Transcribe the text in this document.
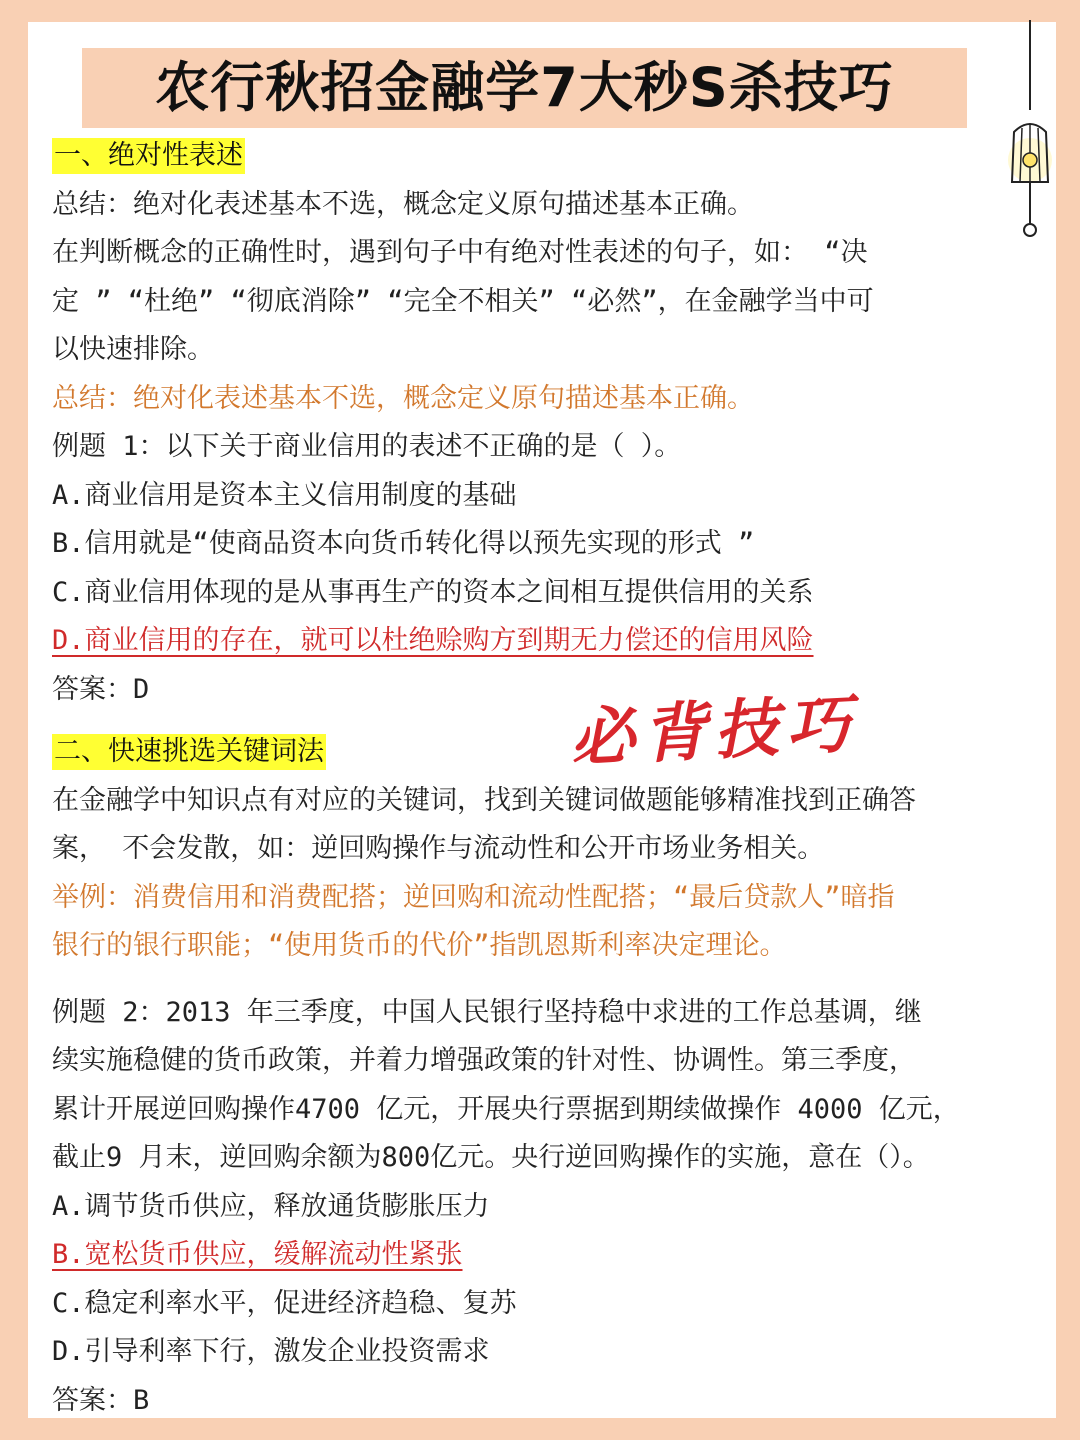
农行秋招金融学7大秒S杀技巧
一、绝对性表述
总结：绝对化表述基本不选，概念定义原句描述基本正确。
在判断概念的正确性时，遇到句子中有绝对性表述的句子，如： “决
定 ” “杜绝” “彻底消除” “完全不相关” “必然”，在金融学当中可
以快速排除。
总结：绝对化表述基本不选，概念定义原句描述基本正确。
例题 1：以下关于商业信用的表述不正确的是（ ）。
A.商业信用是资本主义信用制度的基础
B.信用就是“使商品资本向货币转化得以预先实现的形式 ”
C.商业信用体现的是从事再生产的资本之间相互提供信用的关系
D.商业信用的存在，就可以杜绝赊购方到期无力偿还的信用风险
答案：D
二、快速挑选关键词法
在金融学中知识点有对应的关键词，找到关键词做题能够精准找到正确答
案， 不会发散，如：逆回购操作与流动性和公开市场业务相关。
举例：消费信用和消费配搭；逆回购和流动性配搭；“最后贷款人”暗指
银行的银行职能；“使用货币的代价”指凯恩斯利率决定理论。
例题 2：2013 年三季度，中国人民银行坚持稳中求进的工作总基调，继
续实施稳健的货币政策，并着力增强政策的针对性、协调性。第三季度，
累计开展逆回购操作4700 亿元，开展央行票据到期续做操作 4000 亿元，
截止9 月末，逆回购余额为800亿元。央行逆回购操作的实施，意在（）。
A.调节货币供应，释放通货膨胀压力
B.宽松货币供应，缓解流动性紧张
C.稳定利率水平，促进经济趋稳、复苏
D.引导利率下行，激发企业投资需求
答案：B
必背技巧
